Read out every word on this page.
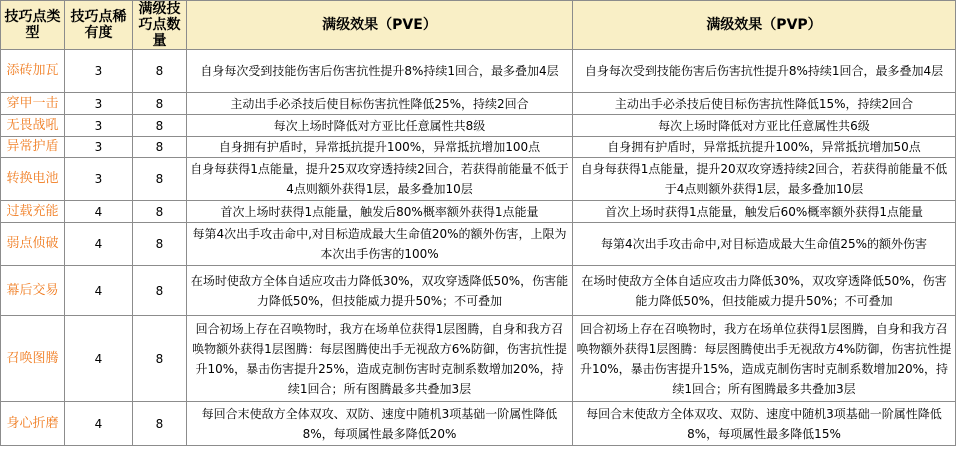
技巧点类型	技巧点稀有度	满级技巧点数量	满级效果（PVE）	满级效果（PVP）
添砖加瓦	3	8	自身每次受到技能伤害后伤害抗性提升8%持续1回合，最多叠加4层	自身每次受到技能伤害后伤害抗性提升8%持续1回合，最多叠加4层
穿甲一击	3	8	主动出手必杀技后使目标伤害抗性降低25%，持续2回合	主动出手必杀技后使目标伤害抗性降低15%，持续2回合
无畏战吼	3	8	每次上场时降低对方亚比任意属性共8级	每次上场时降低对方亚比任意属性共6级
异常护盾	3	8	自身拥有护盾时，异常抵抗提升100%，异常抵抗增加100点	自身拥有护盾时，异常抵抗提升100%，异常抵抗增加50点
转换电池	3	8	自身每获得1点能量，提升25双攻穿透持续2回合，若获得前能量不低于4点则额外获得1层，最多叠加10层	自身每获得1点能量，提升20双攻穿透持续2回合，若获得前能量不低于4点则额外获得1层，最多叠加10层
过载充能	4	8	首次上场时获得1点能量，触发后80%概率额外获得1点能量	首次上场时获得1点能量，触发后60%概率额外获得1点能量
弱点侦破	4	8	每第4次出手攻击命中,对目标造成最大生命值20%的额外伤害，上限为本次出手伤害的100%	每第4次出手攻击命中,对目标造成最大生命值25%的额外伤害
幕后交易	4	8	在场时使敌方全体自适应攻击力降低30%，双攻穿透降低50%，伤害能力降低50%，但技能威力提升50%；不可叠加	在场时使敌方全体自适应攻击力降低30%，双攻穿透降低50%，伤害能力降低50%，但技能威力提升50%；不可叠加
召唤图腾	4	8	回合初场上存在召唤物时，我方在场单位获得1层图腾，自身和我方召唤物额外获得1层图腾：每层图腾使出手无视敌方6%防御，伤害抗性提升10%，暴击伤害提升25%，造成克制伤害时克制系数增加20%，持续1回合；所有图腾最多共叠加3层	回合初场上存在召唤物时，我方在场单位获得1层图腾，自身和我方召唤物额外获得1层图腾：每层图腾使出手无视敌方4%防御，伤害抗性提升10%，暴击伤害提升15%，造成克制伤害时克制系数增加20%，持续1回合；所有图腾最多共叠加3层
身心折磨	4	8	每回合末使敌方全体双攻、双防、速度中随机3项基础一阶属性降低8%，每项属性最多降低20%	每回合末使敌方全体双攻、双防、速度中随机3项基础一阶属性降低8%，每项属性最多降低15%
